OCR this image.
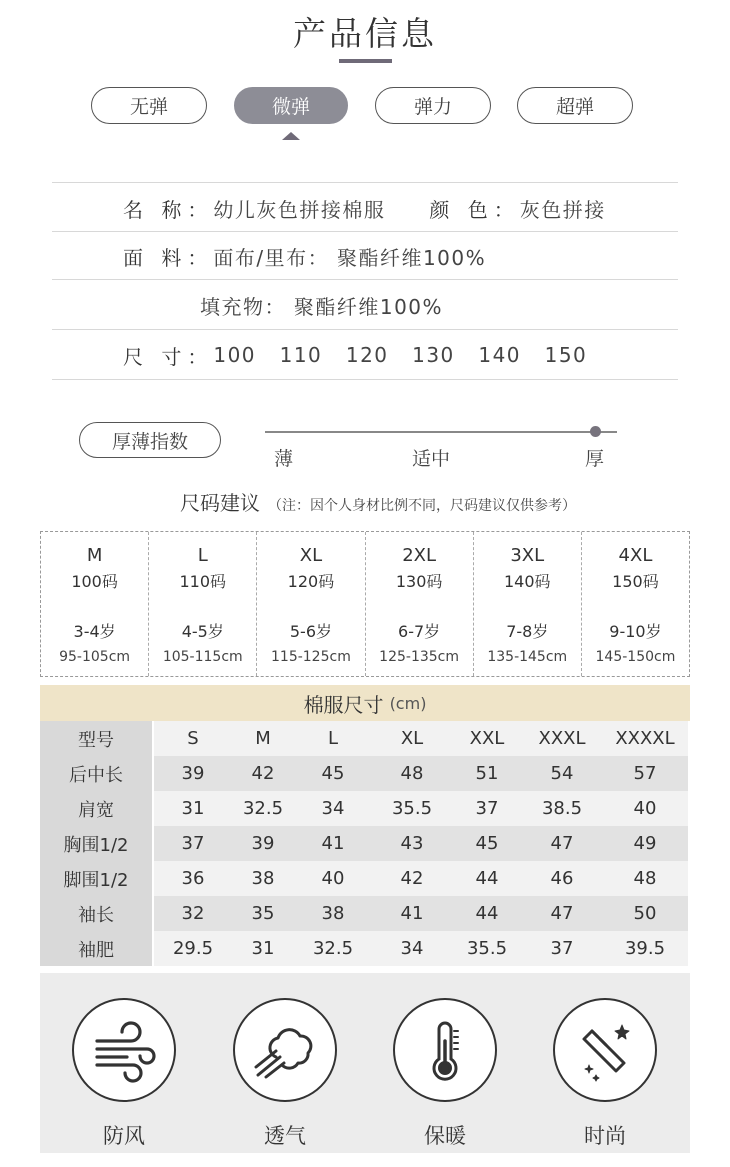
产品信息
无弹	微弹	弹力	超弹
名 称： 幼儿灰色拼接棉服 颜 色： 灰色拼接
面 料： 面布/里布： 聚酯纤维100%
填充物： 聚酯纤维100%
尺 寸： 100   110   120   130   140   150
厚薄指数
薄	适中	厚
尺码建议 （注：因个人身材比例不同，尺码建议仅供参考）
M
100码
3-4岁
95-105cm
L
110码
4-5岁
105-115cm
XL
120码
5-6岁
115-125cm
2XL
130码
6-7岁
125-135cm
3XL
140码
7-8岁
135-145cm
4XL
150码
9-10岁
145-150cm
棉服尺寸 (cm)
型号	S	M	L	XL	XXL	XXXL	XXXXL
后中长	39	42	45	48	51	54	57
肩宽	31	32.5	34	35.5	37	38.5	40
胸围1/2	37	39	41	43	45	47	49
脚围1/2	36	38	40	42	44	46	48
袖长	32	35	38	41	44	47	50
袖肥	29.5	31	32.5	34	35.5	37	39.5
防风	透气	保暖	时尚
